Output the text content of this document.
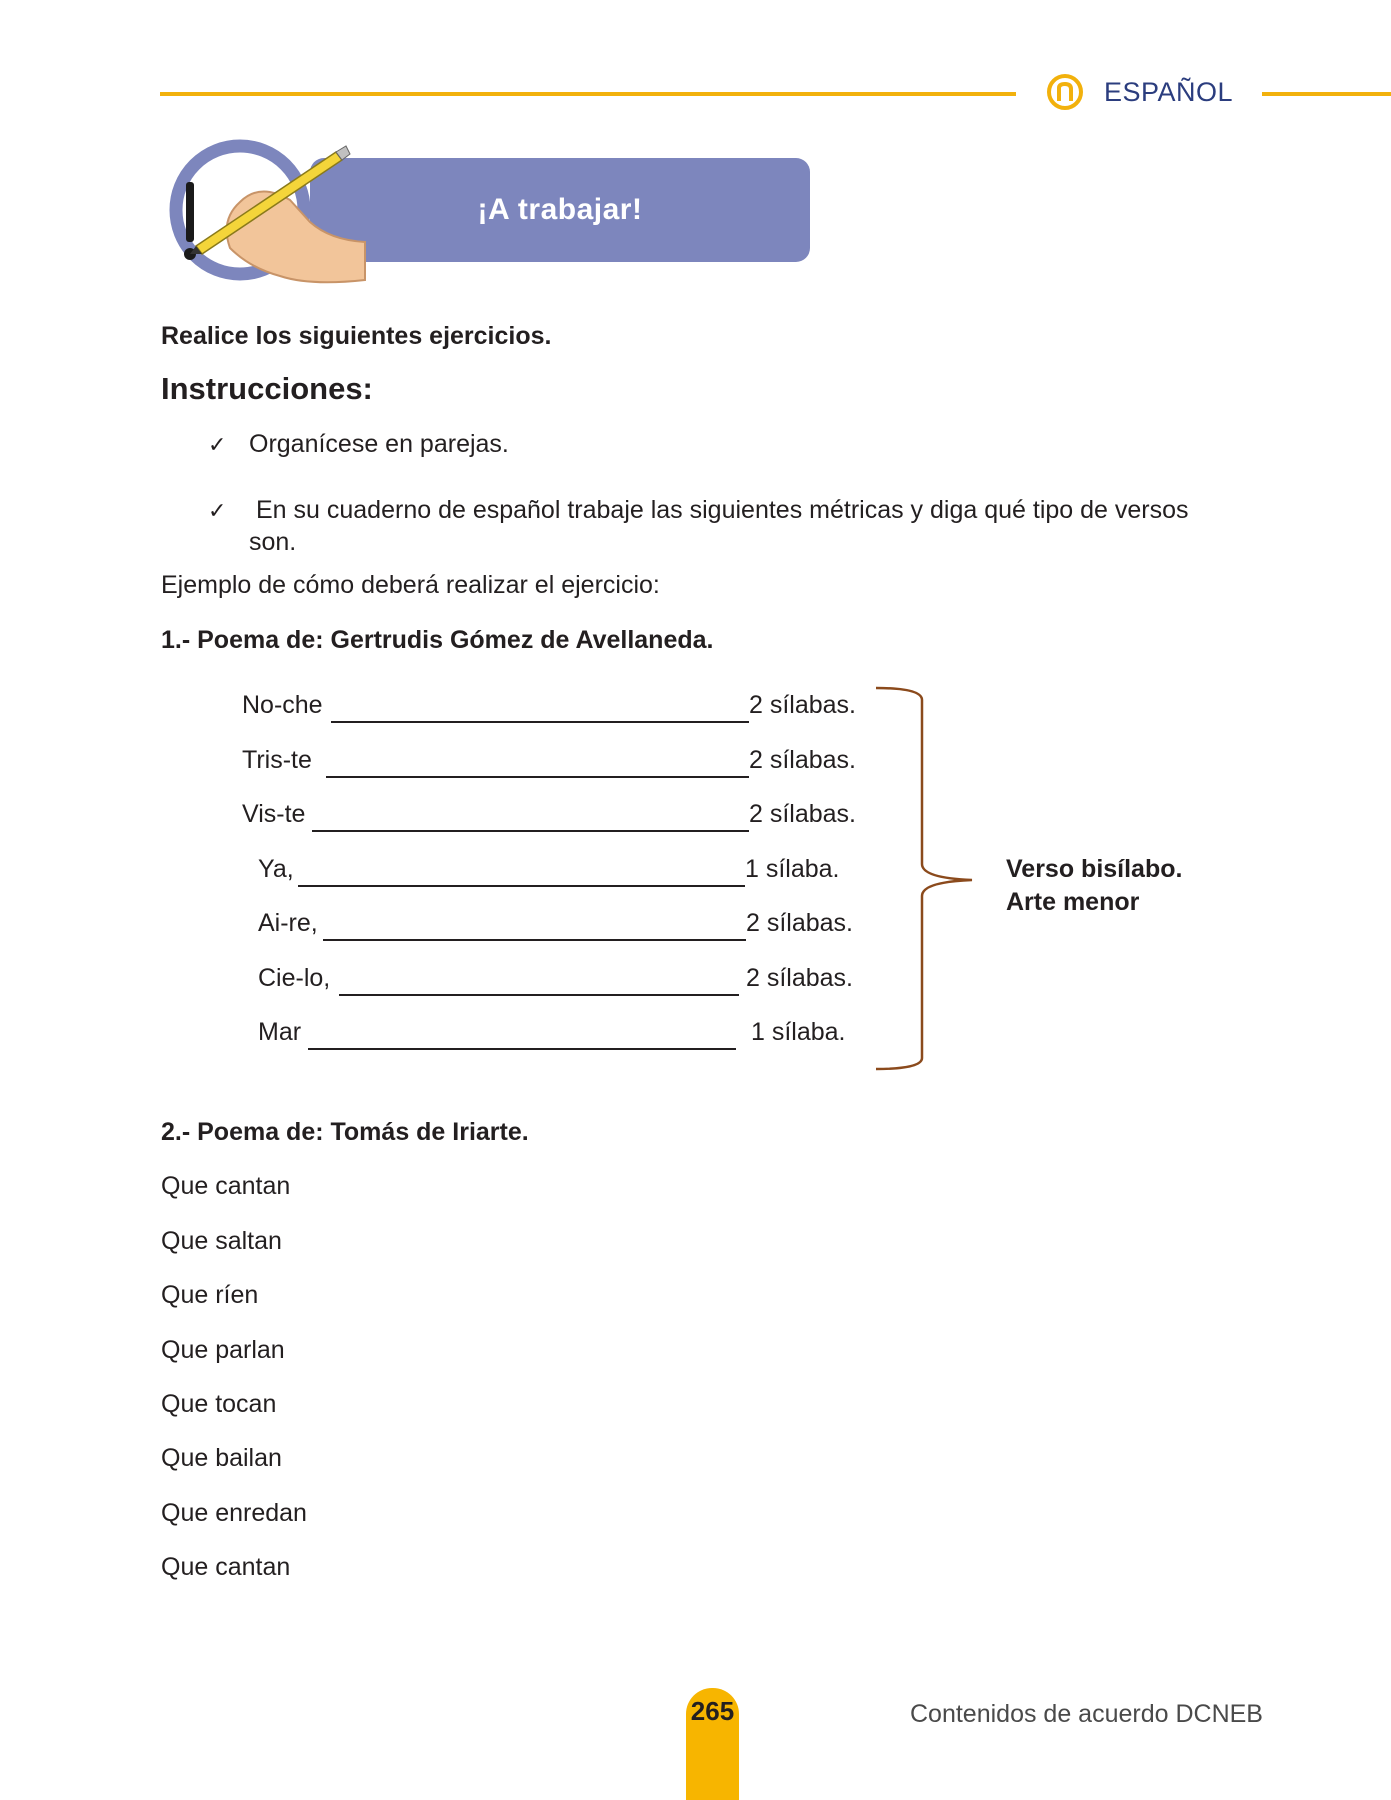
ESPAÑOL
¡A trabajar!
Realice los siguientes ejercicios.
Instrucciones:
✓ Organícese en parejas.
✓ En su cuaderno de español trabaje las siguientes métricas y diga qué tipo de versos
son.
Ejemplo de cómo deberá realizar el ejercicio:
1.- Poema de: Gertrudis Gómez de Avellaneda.
No-che	2 sílabas.
Tris-te	2 sílabas.
Vis-te	2 sílabas.
Ya,	1 sílaba.
Ai-re,	2 sílabas.
Cie-lo,	2 sílabas.
Mar	1 sílaba.
Verso bisílabo.
Arte menor
2.- Poema de: Tomás de Iriarte.
Que cantan
Que saltan
Que ríen
Que parlan
Que tocan
Que bailan
Que enredan
Que cantan
265	Contenidos de acuerdo DCNEB
